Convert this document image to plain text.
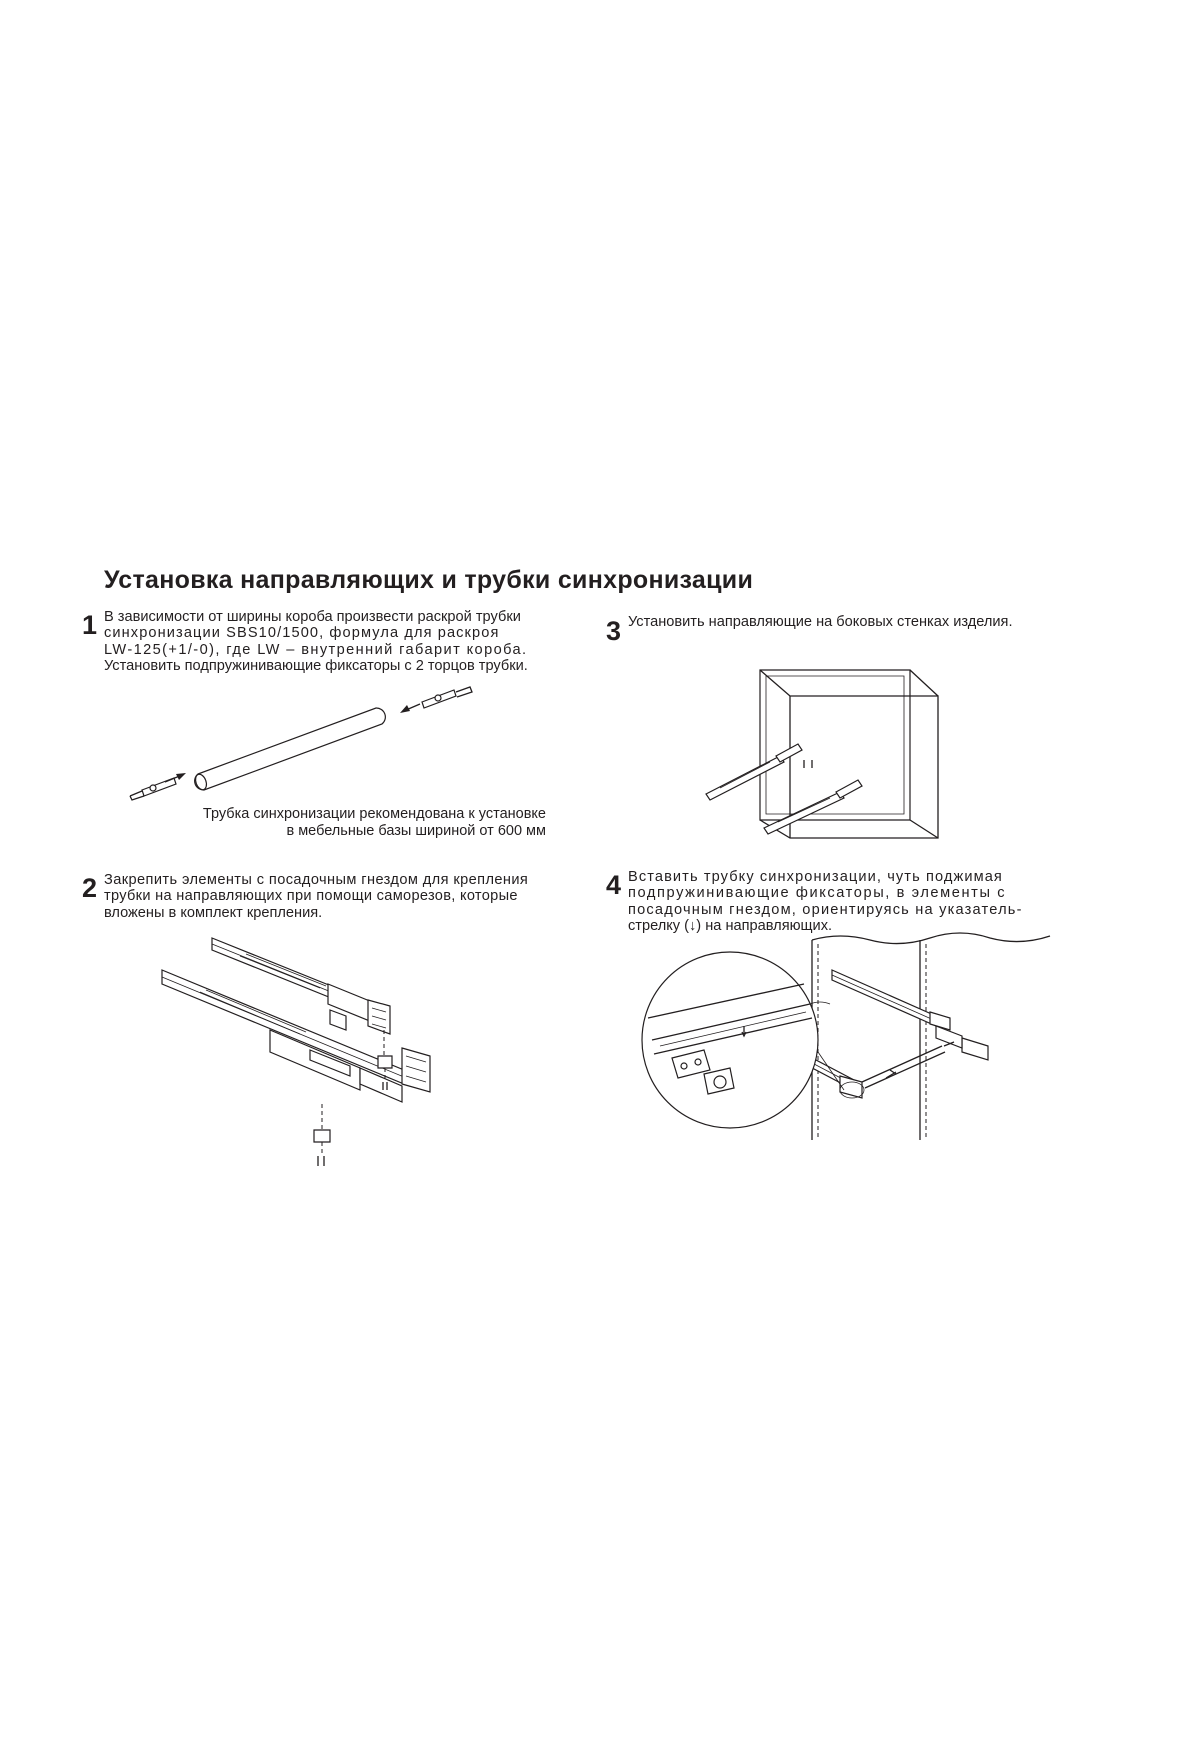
Установка направляющих и трубки синхронизации
1 В зависимости от ширины короба произвести раскрой трубки
синхронизации SBS10/1500, формула для раскроя
LW-125(+1/-0), где LW – внутренний габарит короба.
Установить подпружинивающие фиксаторы с 2 торцов трубки.
Трубка синхронизации рекомендована к установке
в мебельные базы шириной от 600 мм
2 Закрепить элементы с посадочным гнездом для крепления
трубки на направляющих при помощи саморезов, которые
вложены в комплект крепления.
3 Установить направляющие на боковых стенках изделия.
4 Вставить трубку синхронизации, чуть поджимая
подпружинивающие фиксаторы, в элементы с
посадочным гнездом, ориентируясь на указатель-
стрелку (↓) на направляющих.
